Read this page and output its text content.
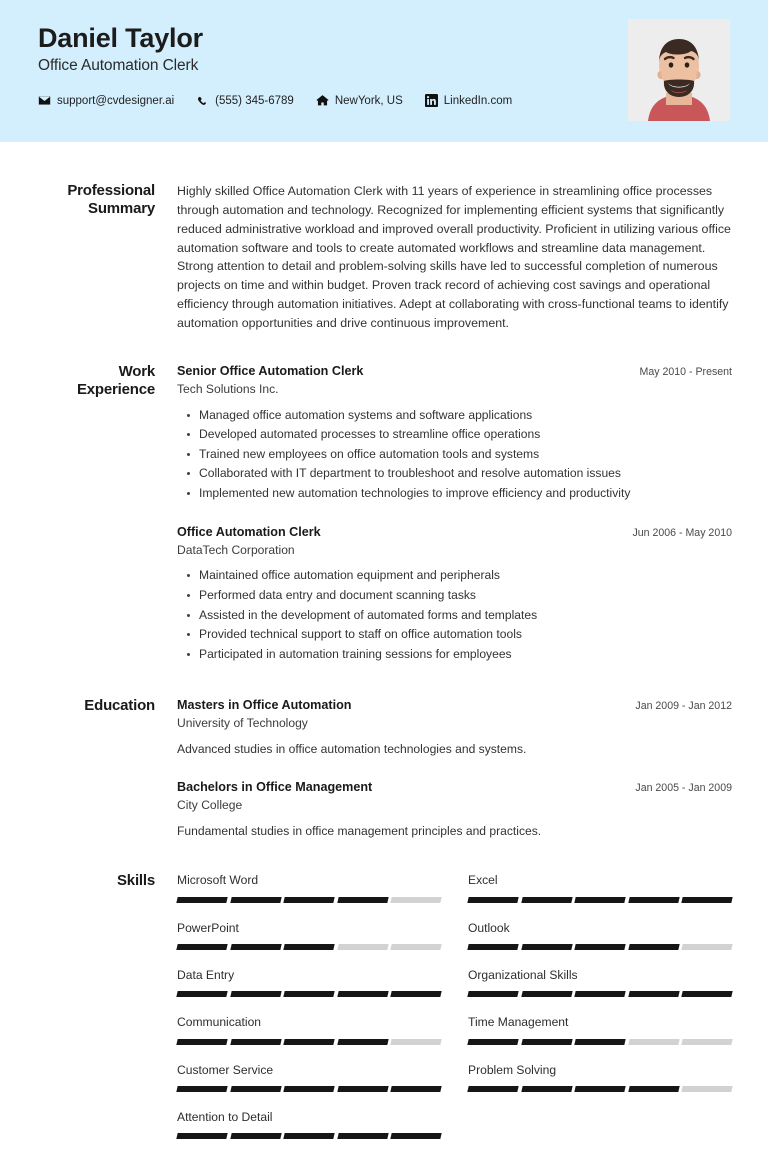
Daniel Taylor
Office Automation Clerk
support@cvdesigner.ai	(555) 345-6789	NewYork, US	LinkedIn.com
Professional Summary

Highly skilled Office Automation Clerk with 11 years of experience in streamlining office processes through automation and technology. Recognized for implementing efficient systems that significantly reduced administrative workload and improved overall productivity. Proficient in utilizing various office automation software and tools to create automated workflows and streamline data management. Strong attention to detail and problem-solving skills have led to successful completion of numerous projects on time and within budget. Proven track record of achieving cost savings and operational efficiency through automation initiatives. Adept at collaborating with cross-functional teams to identify automation opportunities and drive continuous improvement.

Work Experience
Senior Office Automation Clerk	May 2010 - Present
Tech Solutions Inc.
Managed office automation systems and software applications
Developed automated processes to streamline office operations
Trained new employees on office automation tools and systems
Collaborated with IT department to troubleshoot and resolve automation issues
Implemented new automation technologies to improve efficiency and productivity
Office Automation Clerk	Jun 2006 - May 2010
DataTech Corporation
Maintained office automation equipment and peripherals
Performed data entry and document scanning tasks
Assisted in the development of automated forms and templates
Provided technical support to staff on office automation tools
Participated in automation training sessions for employees
Education	Masters in Office Automation	Jan 2009 - Jan 2012
University of Technology
Advanced studies in office automation technologies and systems.
Bachelors in Office Management	Jan 2005 - Jan 2009
City College
Fundamental studies in office management principles and practices.
Skills	Microsoft Word	Excel
PowerPoint	Outlook
Data Entry	Organizational Skills
Communication	Time Management
Customer Service	Problem Solving
Attention to Detail
